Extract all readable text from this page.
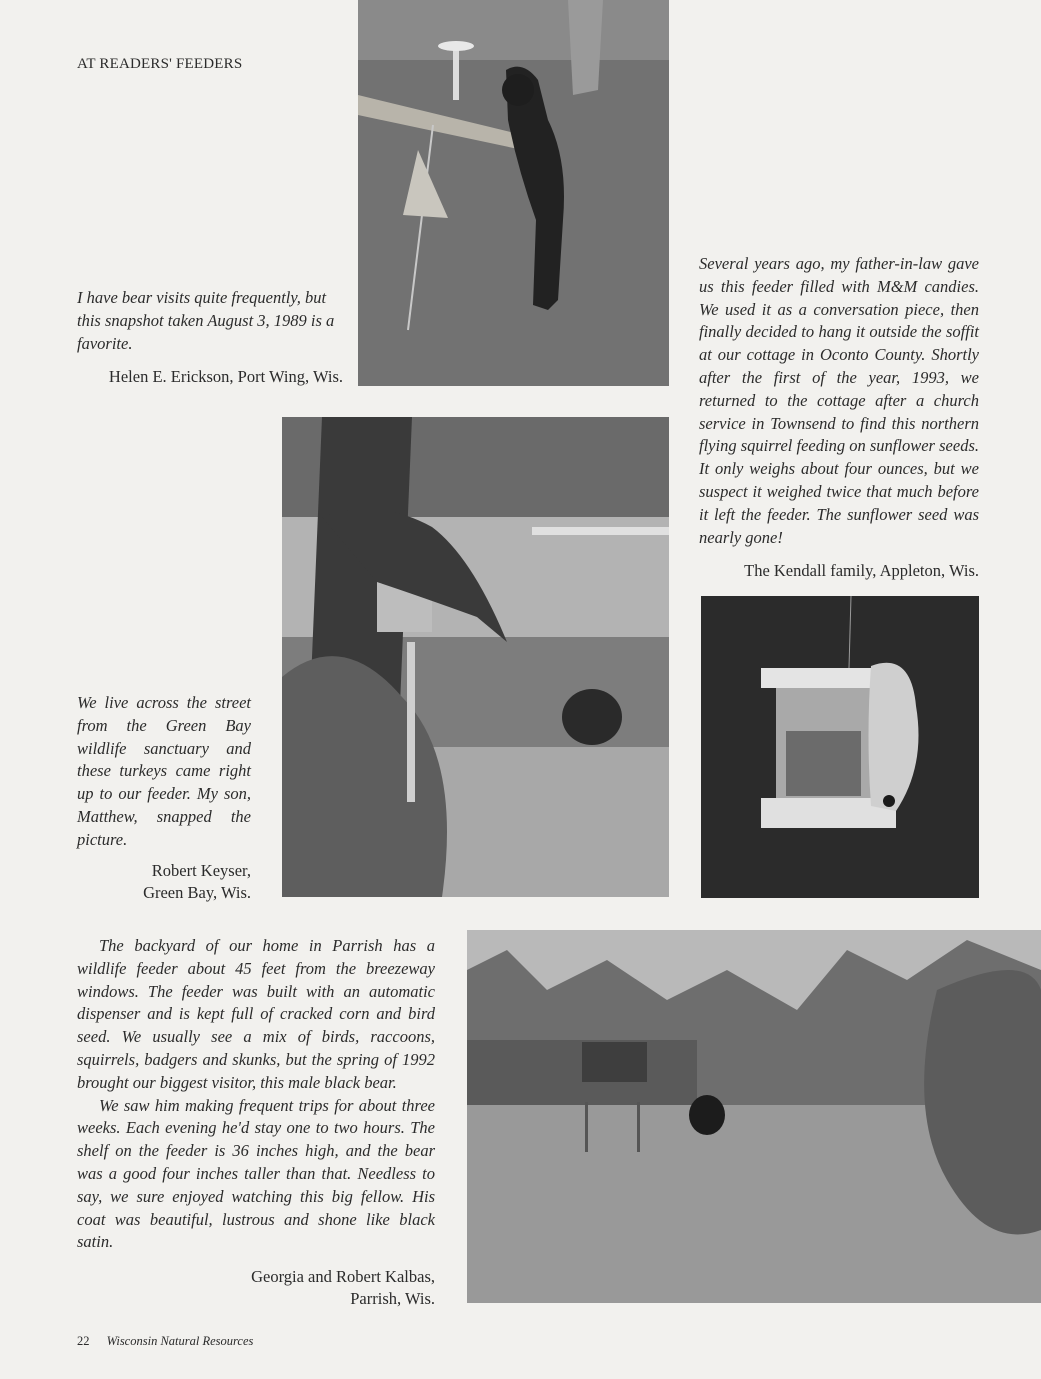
AT READERS' FEEDERS

I have bear visits quite frequently, but this snapshot taken August 3, 1989 is a favorite.

Helen E. Erickson, Port Wing, Wis.

Several years ago, my father-in-law gave us this feeder filled with M&M candies. We used it as a conversation piece, then finally decided to hang it outside the soffit at our cottage in Oconto County. Shortly after the first of the year, 1993, we returned to the cottage after a church service in Townsend to find this northern flying squirrel feeding on sunflower seeds. It only weighs about four ounces, but we suspect it weighed twice that much before it left the feeder. The sunflower seed was nearly gone!

The Kendall family, Appleton, Wis.

We live across the street from the Green Bay wildlife sanctuary and these turkeys came right up to our feeder. My son, Matthew, snapped the picture.

Robert Keyser,

Green Bay, Wis.

The backyard of our home in Parrish has a wildlife feeder about 45 feet from the breezeway windows. The feeder was built with an automatic dispenser and is kept full of cracked corn and bird seed. We usually see a mix of birds, raccoons, squirrels, badgers and skunks, but the spring of 1992 brought our biggest visitor, this male black bear.

We saw him making frequent trips for about three weeks. Each evening he'd stay one to two hours. The shelf on the feeder is 36 inches high, and the bear was a good four inches taller than that. Needless to say, we sure enjoyed watching this big fellow. His coat was beautiful, lustrous and shone like black satin.

Georgia and Robert Kalbas,

Parrish, Wis.

22 Wisconsin Natural Resources
